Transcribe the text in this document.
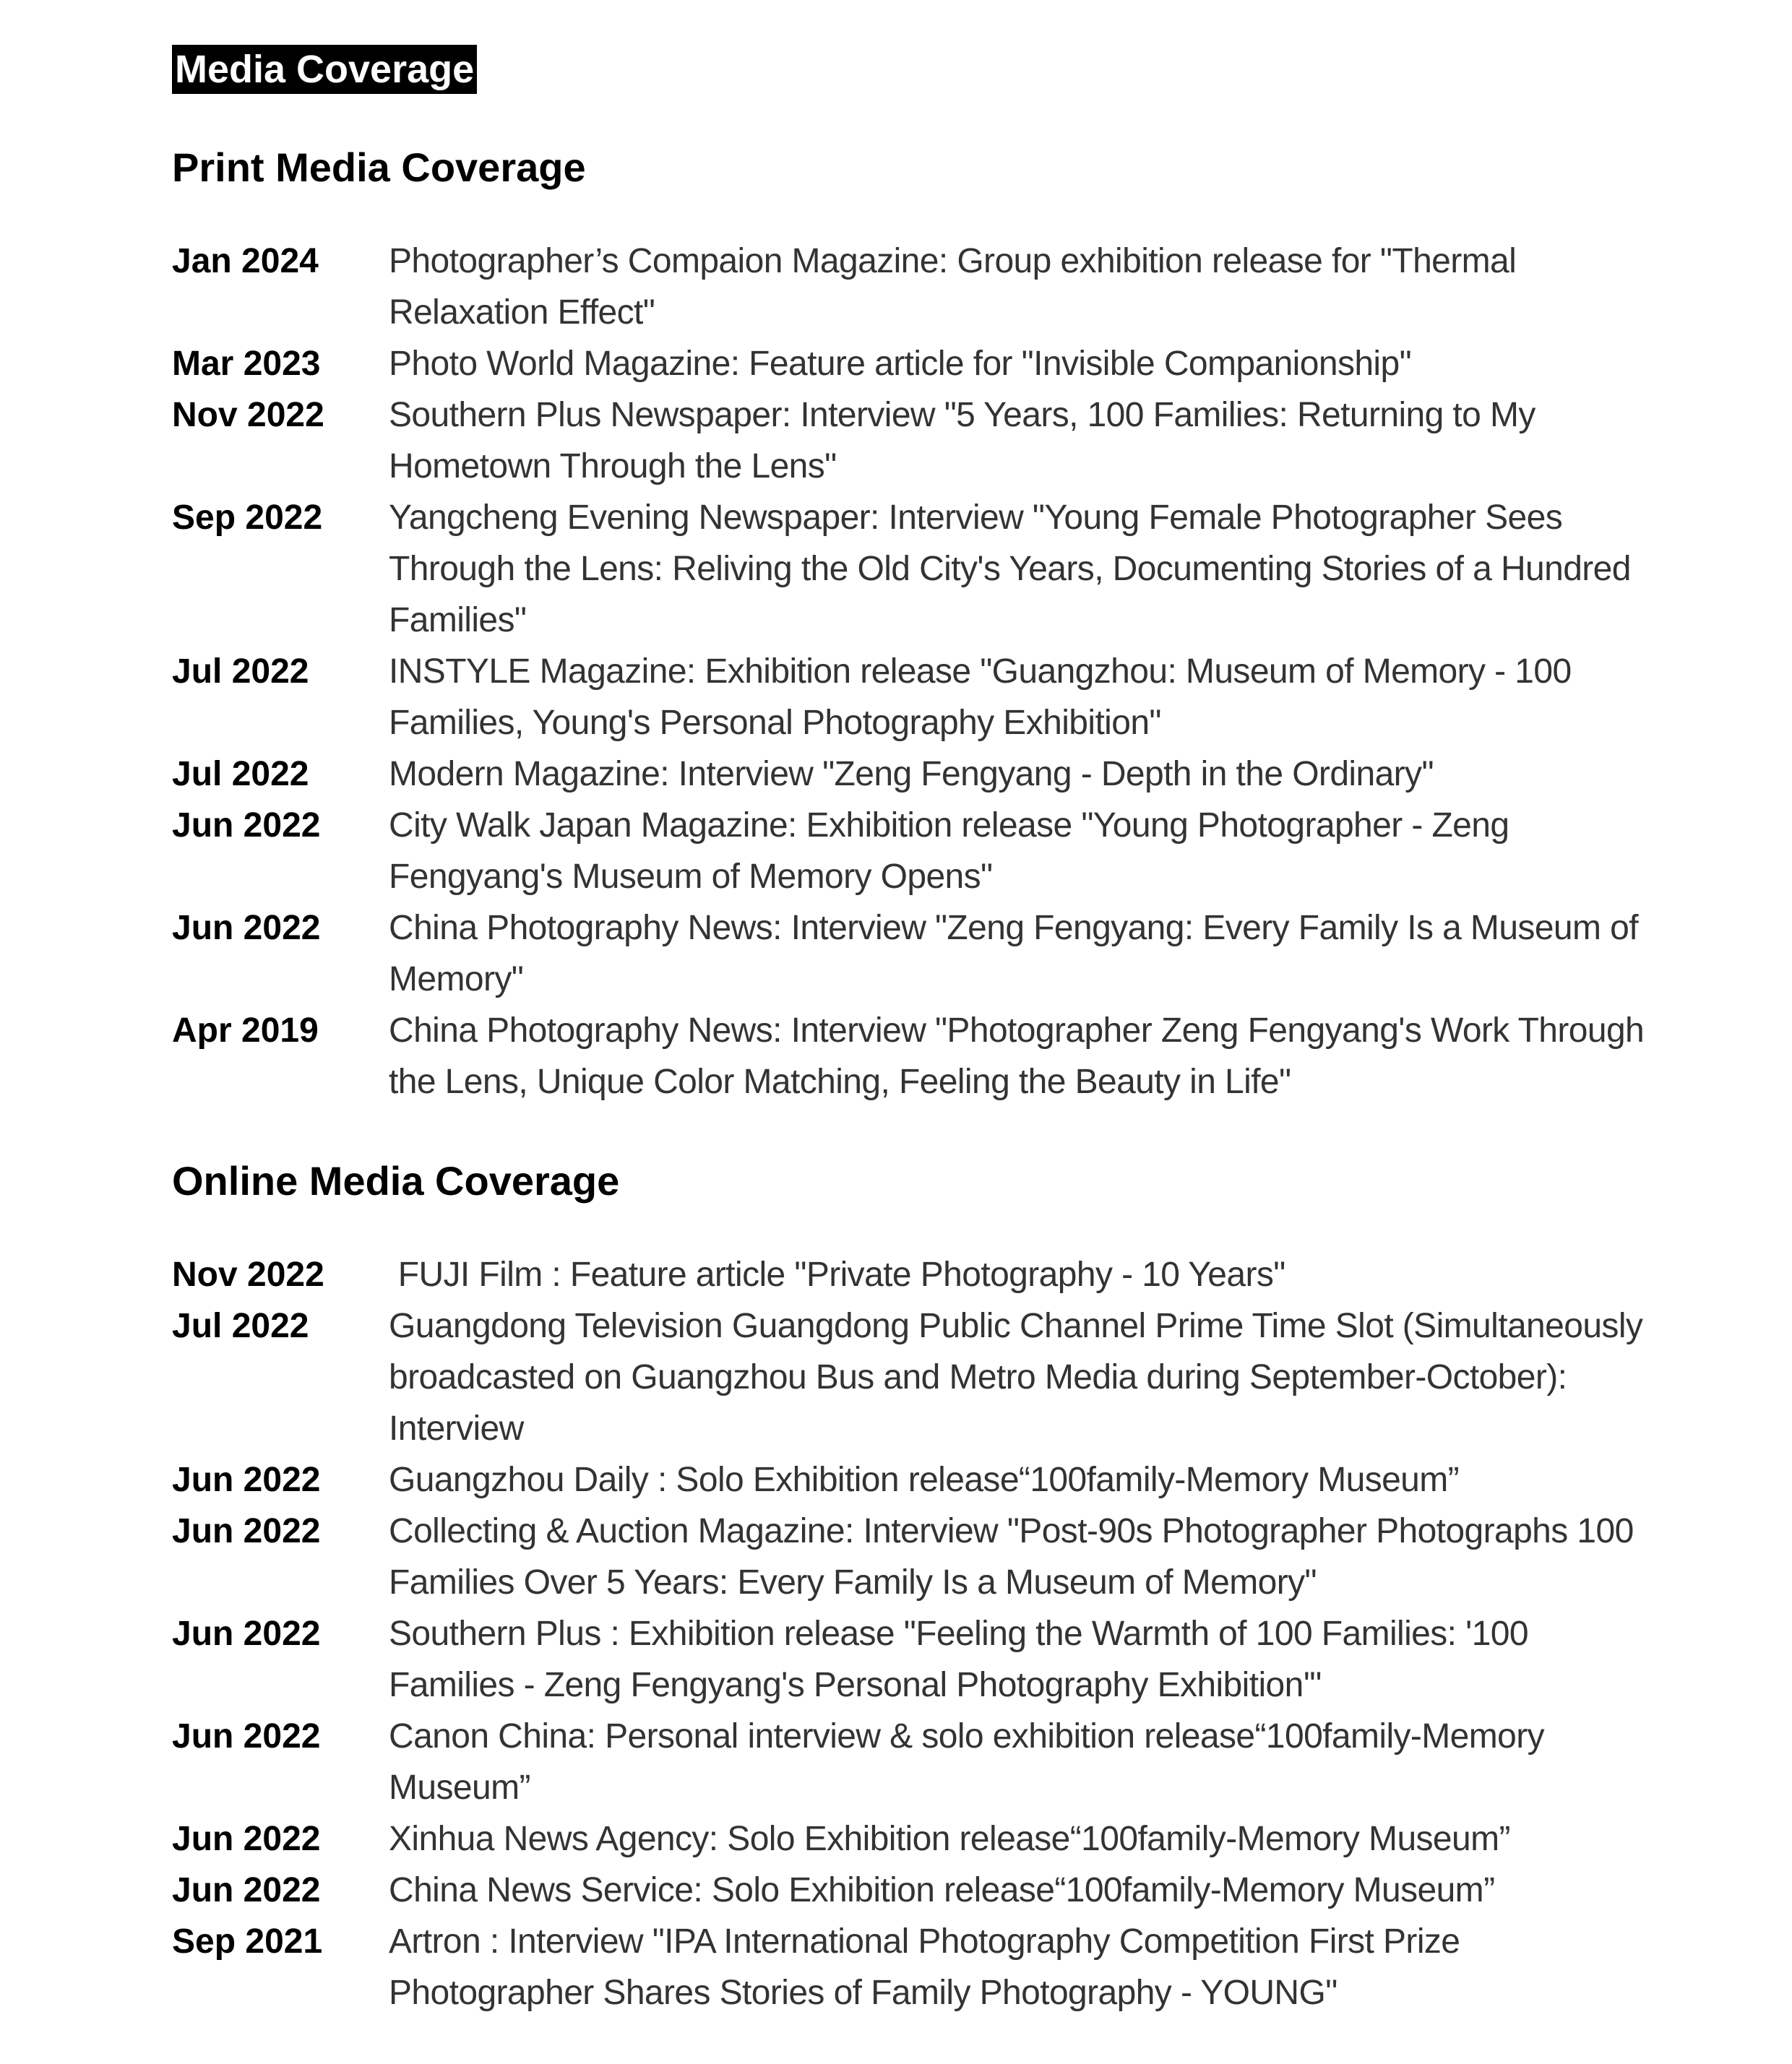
Media Coverage
Print Media Coverage
Jan 2024	Photographer’s Compaion Magazine: Group exhibition release for "Thermal Relaxation Effect"
Mar 2023	Photo World Magazine: Feature article for "Invisible Companionship"
Nov 2022	Southern Plus Newspaper: Interview "5 Years, 100 Families: Returning to My Hometown Through the Lens"
Sep 2022	Yangcheng Evening Newspaper: Interview "Young Female Photographer Sees Through the Lens: Reliving the Old City's Years, Documenting Stories of a Hundred Families"
Jul 2022	INSTYLE Magazine: Exhibition release "Guangzhou: Museum of Memory - 100 Families, Young's Personal Photography Exhibition"
Jul 2022	Modern Magazine: Interview "Zeng Fengyang - Depth in the Ordinary"
Jun 2022	City Walk Japan Magazine: Exhibition release "Young Photographer - Zeng Fengyang's Museum of Memory Opens"
Jun 2022	China Photography News: Interview "Zeng Fengyang: Every Family Is a Museum of Memory"
Apr 2019	China Photography News: Interview "Photographer Zeng Fengyang's Work Through the Lens, Unique Color Matching, Feeling the Beauty in Life"
Online Media Coverage
Nov 2022	FUJI Film : Feature article "Private Photography - 10 Years"
Jul 2022	Guangdong Television Guangdong Public Channel Prime Time Slot (Simultaneously broadcasted on Guangzhou Bus and Metro Media during September-October): Interview
Jun 2022	Guangzhou Daily : Solo Exhibition release“100family-Memory Museum”
Jun 2022	Collecting & Auction Magazine: Interview "Post-90s Photographer Photographs 100 Families Over 5 Years: Every Family Is a Museum of Memory"
Jun 2022	Southern Plus : Exhibition release "Feeling the Warmth of 100 Families: '100 Families - Zeng Fengyang's Personal Photography Exhibition'"
Jun 2022	Canon China: Personal interview & solo exhibition release“100family-Memory Museum”
Jun 2022	Xinhua News Agency: Solo Exhibition release“100family-Memory Museum”
Jun 2022	China News Service: Solo Exhibition release“100family-Memory Museum”
Sep 2021	Artron : Interview "IPA International Photography Competition First Prize Photographer Shares Stories of Family Photography - YOUNG"
